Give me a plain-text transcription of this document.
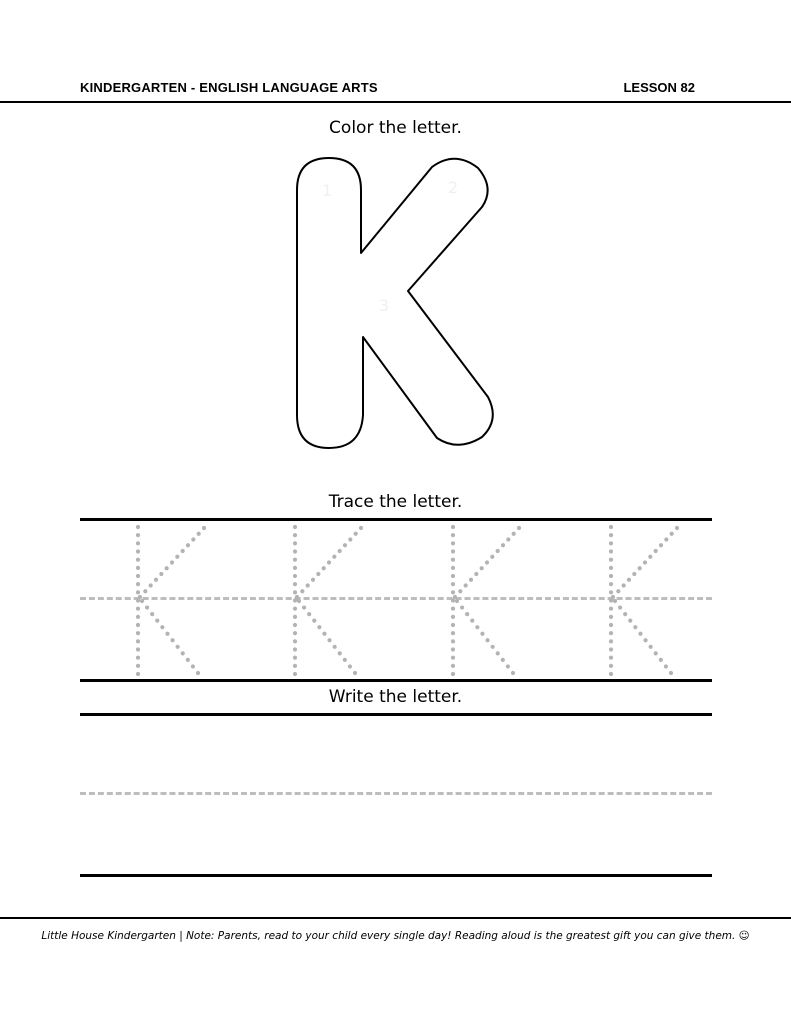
KINDERGARTEN - ENGLISH LANGUAGE ARTS	LESSON 82
Color the letter.
1	2
3
Trace the letter.
Write the letter.
Little House Kindergarten | Note: Parents, read to your child every single day! Reading aloud is the greatest gift you can give them. ☺
